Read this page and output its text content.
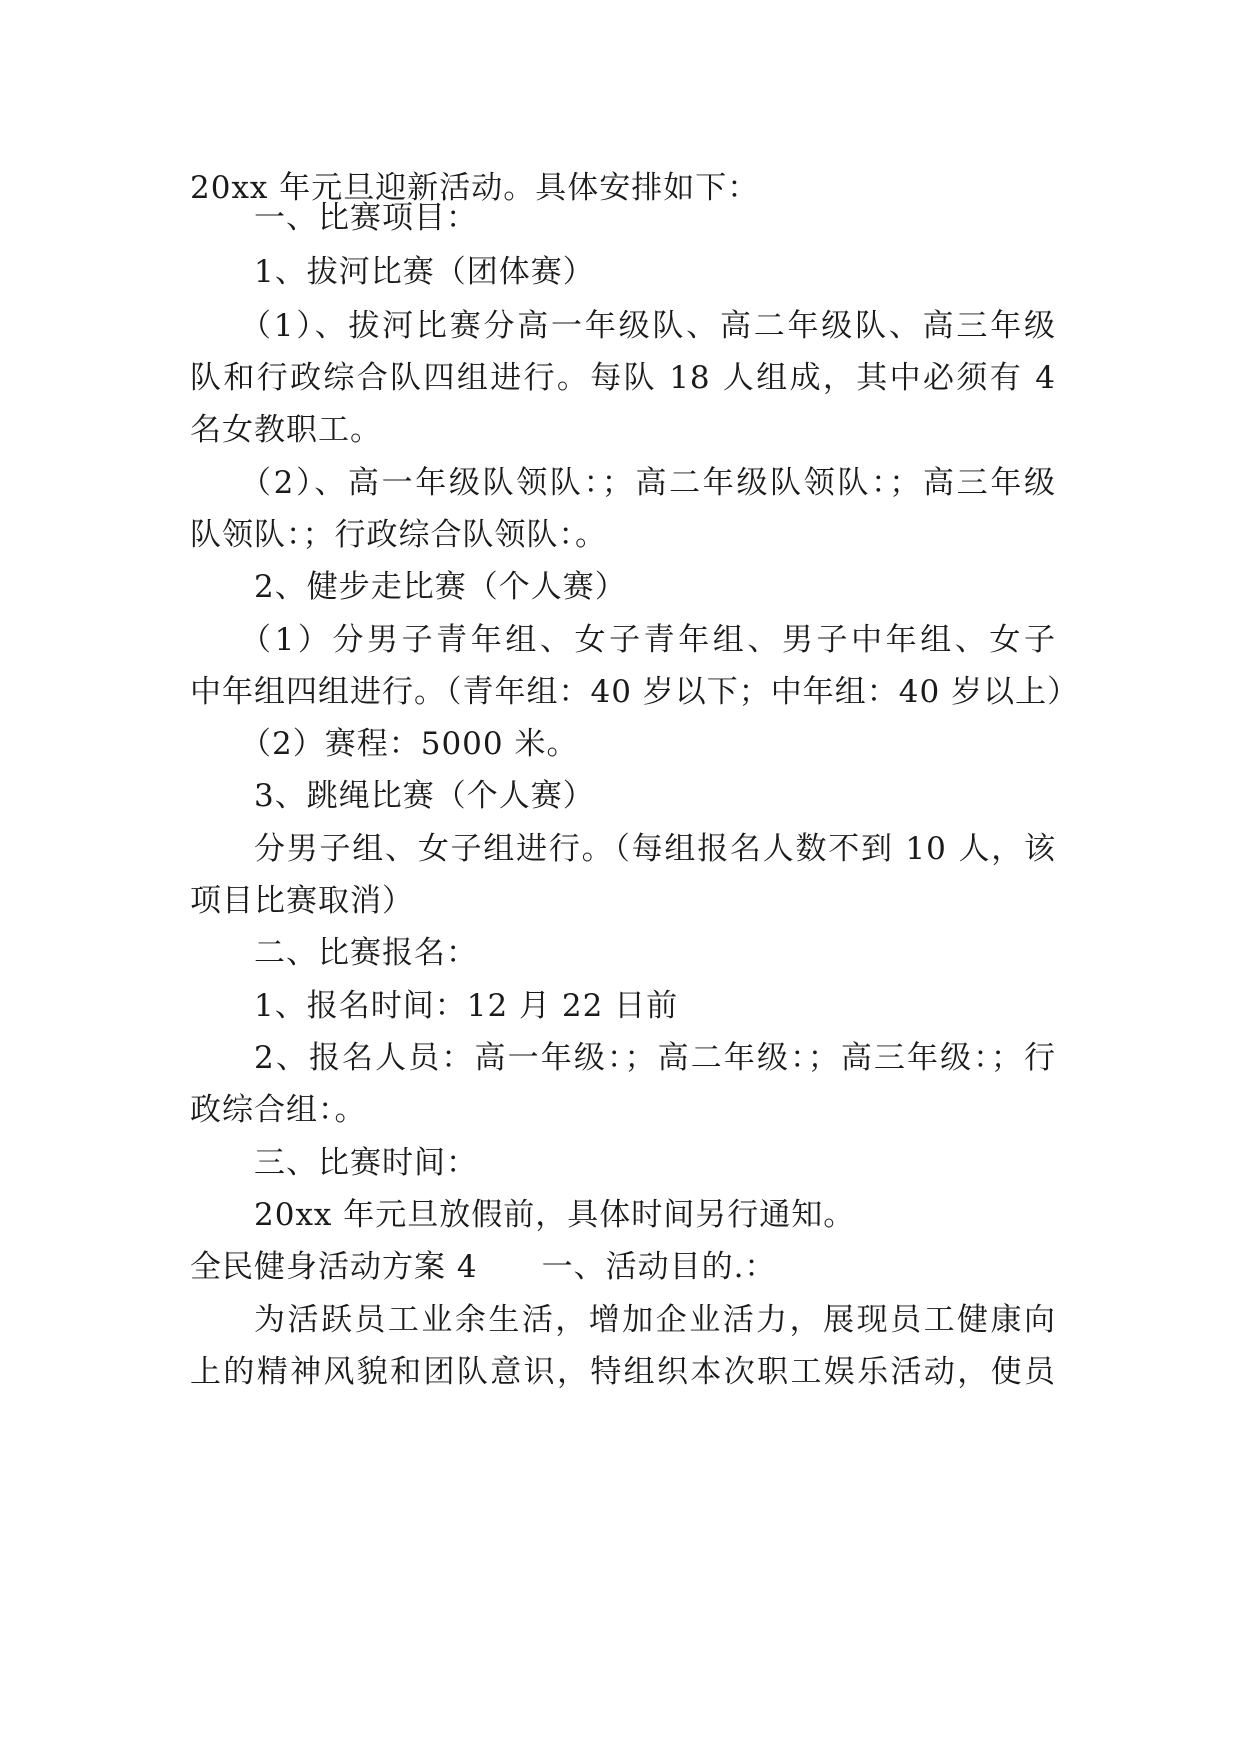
20xx 年元旦迎新活动。具体安排如下：
一、比赛项目：
1、拔河比赛（团体赛）
（1）、拔河比赛分高一年级队、高二年级队、高三年级
队和行政综合队四组进行。每队 18 人组成，其中必须有 4
名女教职工。
（2）、高一年级队领队：；高二年级队领队：；高三年级
队领队：；行政综合队领队：。
2、健步走比赛（个人赛）
（1）分男子青年组、女子青年组、男子中年组、女子
中年组四组进行。（青年组：40 岁以下；中年组：40 岁以上）
（2）赛程：5000 米。
3、跳绳比赛（个人赛）
分男子组、女子组进行。（每组报名人数不到 10 人，该
项目比赛取消）
二、比赛报名：
1、报名时间：12 月 22 日前
2、报名人员：高一年级：；高二年级：；高三年级：；行
政综合组：。
三、比赛时间：
20xx 年元旦放假前，具体时间另行通知。
全民健身活动方案 4　　一、活动目的.：
为活跃员工业余生活，增加企业活力，展现员工健康向
上的精神风貌和团队意识，特组织本次职工娱乐活动，使员
